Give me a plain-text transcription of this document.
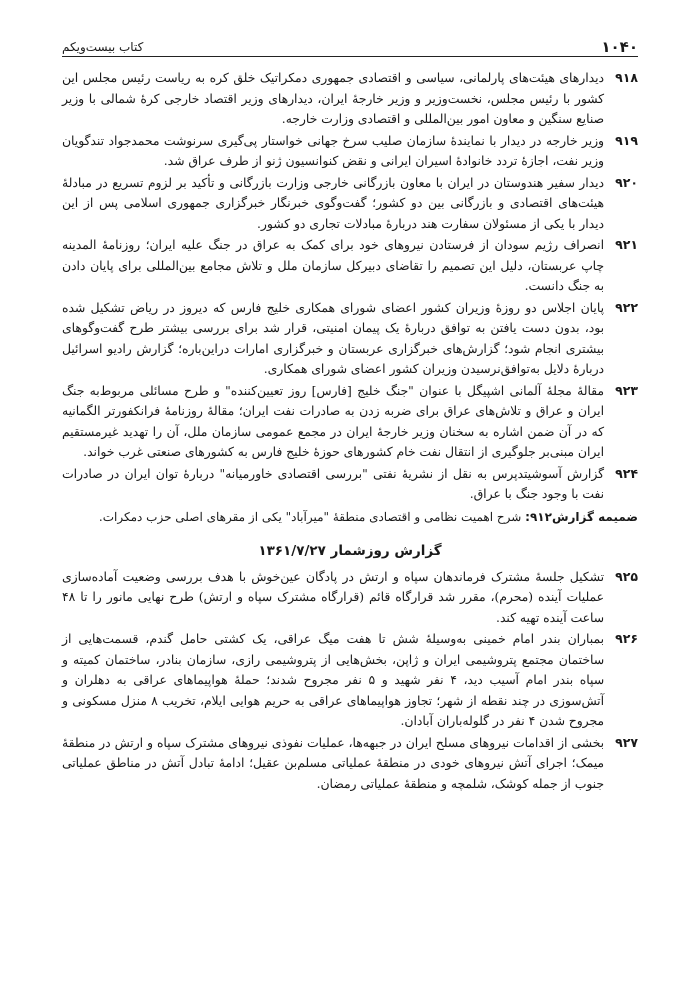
۱۰۴۰
کتاب بیست‌ویکم
۹۱۸
دیدارهای هیئت‌های پارلمانی، سیاسی و اقتصادی جمهوری دمکراتیک خلق کره به ریاست رئیس مجلس این کشور با رئیس مجلس، نخست‌وزیر و وزیر خارجهٔ ایران، دیدارهای وزیر اقتصاد خارجی کرهٔ شمالی با وزیر صنایع سنگین و معاون امور بین‌المللی و اقتصادی وزارت خارجه.
۹۱۹
وزیر خارجه در دیدار با نمایندهٔ سازمان صلیب سرخ جهانی خواستار پی‌گیری سرنوشت محمدجواد تندگویان وزیر نفت، اجازهٔ تردد خانوادهٔ اسیران ایرانی و نقض کنوانسیون ژنو از طرف عراق شد.
۹۲۰
دیدار سفیر هندوستان در ایران با معاون بازرگانی خارجی وزارت بازرگانی و تأکید بر لزوم تسریع در مبادلهٔ هیئت‌های اقتصادی و بازرگانی بین دو کشور؛ گفت‌وگوی خبرنگار خبرگزاری جمهوری اسلامی پس از این دیدار با یکی از مسئولان سفارت هند دربارهٔ مبادلات تجاری دو کشور.
۹۲۱
انصراف رژیم سودان از فرستادن نیروهای خود برای کمک به عراق در جنگ علیه ایران؛ روزنامهٔ المدینه چاپ عربستان، دلیل این تصمیم را تقاضای دبیرکل سازمان ملل و تلاش مجامع بین‌المللی برای پایان دادن به جنگ دانست.
۹۲۲
پایان اجلاس دو روزهٔ وزیران کشور اعضای شورای همکاری خلیج فارس که دیروز در ریاض تشکیل شده بود، بدون دست یافتن به توافق دربارهٔ یک پیمان امنیتی، قرار شد برای بررسی بیشتر طرح گفت‌وگوهای بیشتری انجام شود؛ گزارش‌های خبرگزاری عربستان و خبرگزاری امارات دراین‌باره؛ گزارش رادیو اسرائیل دربارهٔ دلایل به‌توافق‌نرسیدن وزیران کشور اعضای شورای همکاری.
۹۲۳
مقالهٔ مجلهٔ آلمانی اشپیگل با عنوان "جنگ خلیج [فارس] روز تعیین‌کننده" و طرح مسائلی مربوط‌به جنگ ایران و عراق و تلاش‌های عراق برای ضربه زدن به صادرات نفت ایران؛ مقالهٔ روزنامهٔ فرانکفورتر الگمانیه که در آن ضمن اشاره به سخنان وزیر خارجهٔ ایران در مجمع عمومی سازمان ملل، آن را تهدید غیرمستقیم ایران مبنی‌بر جلوگیری از انتقال نفت خام کشورهای حوزهٔ خلیج فارس به کشورهای صنعتی غرب خواند.
۹۲۴
گزارش آسوشیتدپرس به نقل از نشریهٔ نفتی "بررسی اقتصادی خاورمیانه" دربارهٔ توان ایران در صادرات نفت با وجود جنگ با عراق.
ضمیمه گزارش۹۱۲: شرح اهمیت نظامی و اقتصادی منطقهٔ "میرآباد" یکی از مقرهای اصلی حزب دمکرات.
گزارش روزشمار ۱۳۶۱/۷/۲۷
۹۲۵
تشکیل جلسهٔ مشترک فرماندهان سپاه و ارتش در پادگان عین‌خوش با هدف بررسی وضعیت آماده‌سازی عملیات آینده (محرم)، مقرر شد قرارگاه قائم (قرارگاه مشترک سپاه و ارتش) طرح نهایی مانور را تا ۴۸ ساعت آینده تهیه کند.
۹۲۶
بمباران بندر امام خمینی به‌وسیلهٔ شش تا هفت میگ عراقی، یک کشتی حامل گندم، قسمت‌هایی از ساختمان مجتمع پتروشیمی ایران و ژاپن، بخش‌هایی از پتروشیمی رازی، سازمان بنادر، ساختمان کمیته و سپاه بندر امام آسیب دید، ۴ نفر شهید و ۵ نفر مجروح شدند؛ حملهٔ هواپیماهای عراقی به دهلران و آتش‌سوزی در چند نقطه از شهر؛ تجاوز هواپیماهای عراقی به حریم هوایی ایلام، تخریب ۸ منزل مسکونی و مجروح شدن ۴ نفر در گلوله‌باران آبادان.
۹۲۷
بخشی از اقدامات نیروهای مسلح ایران در جبهه‌ها، عملیات نفوذی نیروهای مشترک سپاه و ارتش در منطقهٔ میمک؛ اجرای آتش نیروهای خودی در منطقهٔ عملیاتی مسلم‌بن عقیل؛ ادامهٔ تبادل آتش در مناطق عملیاتی جنوب از جمله کوشک، شلمچه و منطقهٔ عملیاتی رمضان.
